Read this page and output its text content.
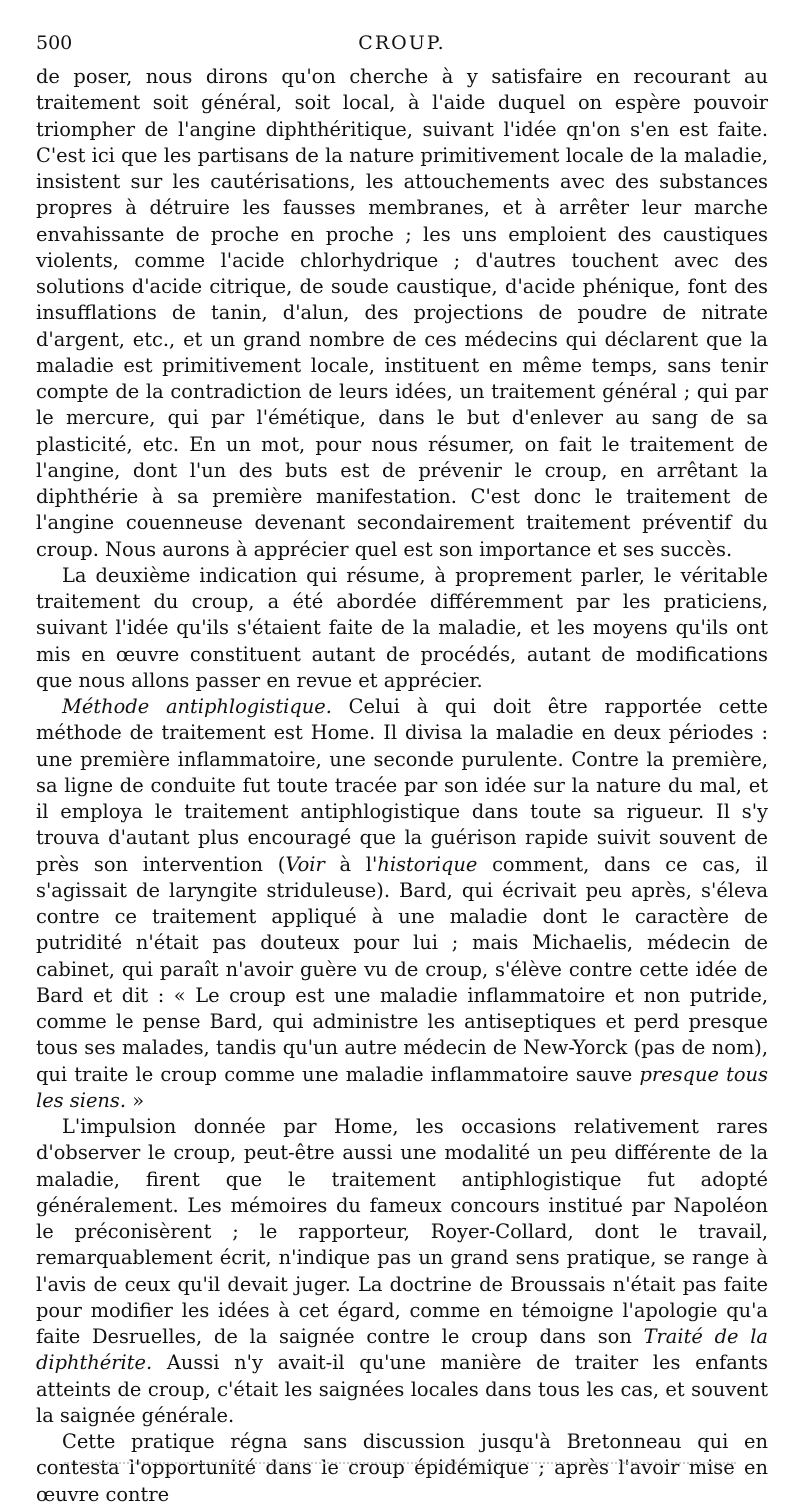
500	CROUP.

de poser, nous dirons qu'on cherche à y satisfaire en recourant au traitement soit général, soit local, à l'aide duquel on espère pouvoir triompher de l'angine diphthéritique, suivant l'idée qn'on s'en est faite. C'est ici que les partisans de la nature primitivement locale de la maladie, insistent sur les cautérisations, les attouchements avec des substances propres à détruire les fausses membranes, et à arrêter leur marche envahissante de proche en proche ; les uns emploient des caustiques violents, comme l'acide chlorhydrique ; d'autres touchent avec des solutions d'acide citrique, de soude caustique, d'acide phénique, font des insufflations de tanin, d'alun, des projections de poudre de nitrate d'argent, etc., et un grand nombre de ces médecins qui déclarent que la maladie est primitivement locale, instituent en même temps, sans tenir compte de la contradiction de leurs idées, un traitement général ; qui par le mercure, qui par l'émétique, dans le but d'enlever au sang de sa plasticité, etc. En un mot, pour nous résumer, on fait le traitement de l'angine, dont l'un des buts est de prévenir le croup, en arrêtant la diphthérie à sa première manifestation. C'est donc le traitement de l'angine couenneuse devenant secondairement traitement préventif du croup. Nous aurons à apprécier quel est son importance et ses succès.

La deuxième indication qui résume, à proprement parler, le véritable traitement du croup, a été abordée différemment par les praticiens, suivant l'idée qu'ils s'étaient faite de la maladie, et les moyens qu'ils ont mis en œuvre constituent autant de procédés, autant de modifications que nous allons passer en revue et apprécier.

Méthode antiphlogistique. Celui à qui doit être rapportée cette méthode de traitement est Home. Il divisa la maladie en deux périodes : une première inflammatoire, une seconde purulente. Contre la première, sa ligne de conduite fut toute tracée par son idée sur la nature du mal, et il employa le traitement antiphlogistique dans toute sa rigueur. Il s'y trouva d'autant plus encouragé que la guérison rapide suivit souvent de près son intervention (Voir à l'historique comment, dans ce cas, il s'agissait de laryngite striduleuse). Bard, qui écrivait peu après, s'éleva contre ce traitement appliqué à une maladie dont le caractère de putridité n'était pas douteux pour lui ; mais Michaelis, médecin de cabinet, qui paraît n'avoir guère vu de croup, s'élève contre cette idée de Bard et dit : « Le croup est une maladie inflammatoire et non putride, comme le pense Bard, qui administre les antiseptiques et perd presque tous ses malades, tandis qu'un autre médecin de New-Yorck (pas de nom), qui traite le croup comme une maladie inflammatoire sauve presque tous les siens. »

L'impulsion donnée par Home, les occasions relativement rares d'observer le croup, peut-être aussi une modalité un peu différente de la maladie, firent que le traitement antiphlogistique fut adopté généralement. Les mémoires du fameux concours institué par Napoléon le préconisèrent ; le rapporteur, Royer-Collard, dont le travail, remarquablement écrit, n'indique pas un grand sens pratique, se range à l'avis de ceux qu'il devait juger. La doctrine de Broussais n'était pas faite pour modifier les idées à cet égard, comme en témoigne l'apologie qu'a faite Desruelles, de la saignée contre le croup dans son Traité de la diphthérite. Aussi n'y avait-il qu'une manière de traiter les enfants atteints de croup, c'était les saignées locales dans tous les cas, et souvent la saignée générale.

Cette pratique régna sans discussion jusqu'à Bretonneau qui en contesta l'opportunité dans le croup épidémique ; après l'avoir mise en œuvre contre
